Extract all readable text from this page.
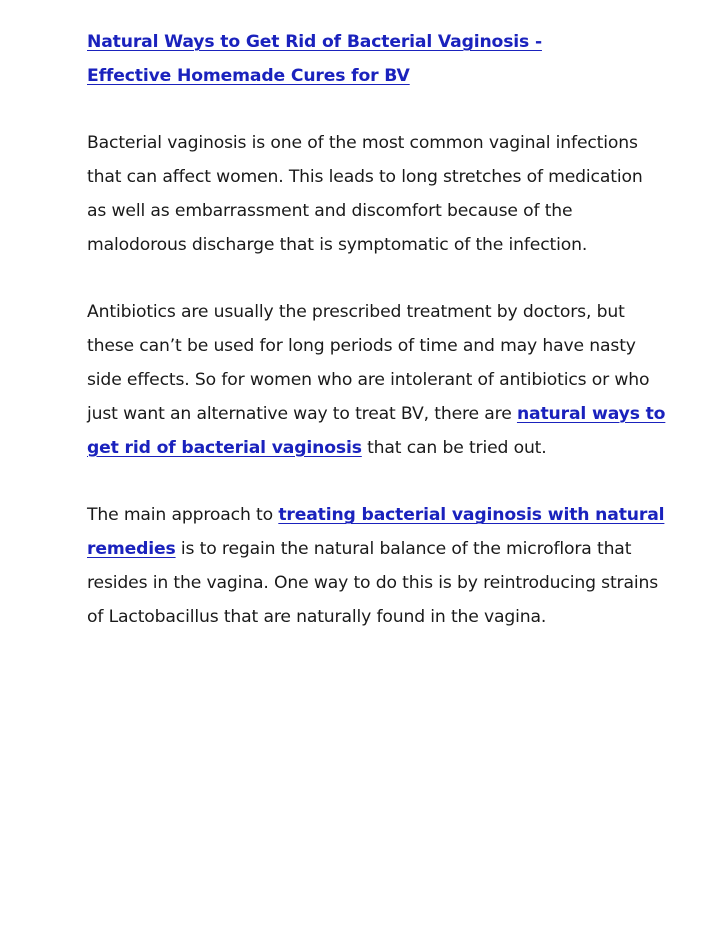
Natural Ways to Get Rid of Bacterial Vaginosis -
Effective Homemade Cures for BV

Bacterial vaginosis is one of the most common vaginal infections that can affect women. This leads to long stretches of medication as well as embarrassment and discomfort because of the malodorous discharge that is symptomatic of the infection.

Antibiotics are usually the prescribed treatment by doctors, but these can’t be used for long periods of time and may have nasty side effects. So for women who are intolerant of antibiotics or who just want an alternative way to treat BV, there are natural ways to get rid of bacterial vaginosis that can be tried out.

The main approach to treating bacterial vaginosis with natural remedies is to regain the natural balance of the microflora that resides in the vagina. One way to do this is by reintroducing strains of Lactobacillus that are naturally found in the vagina.
